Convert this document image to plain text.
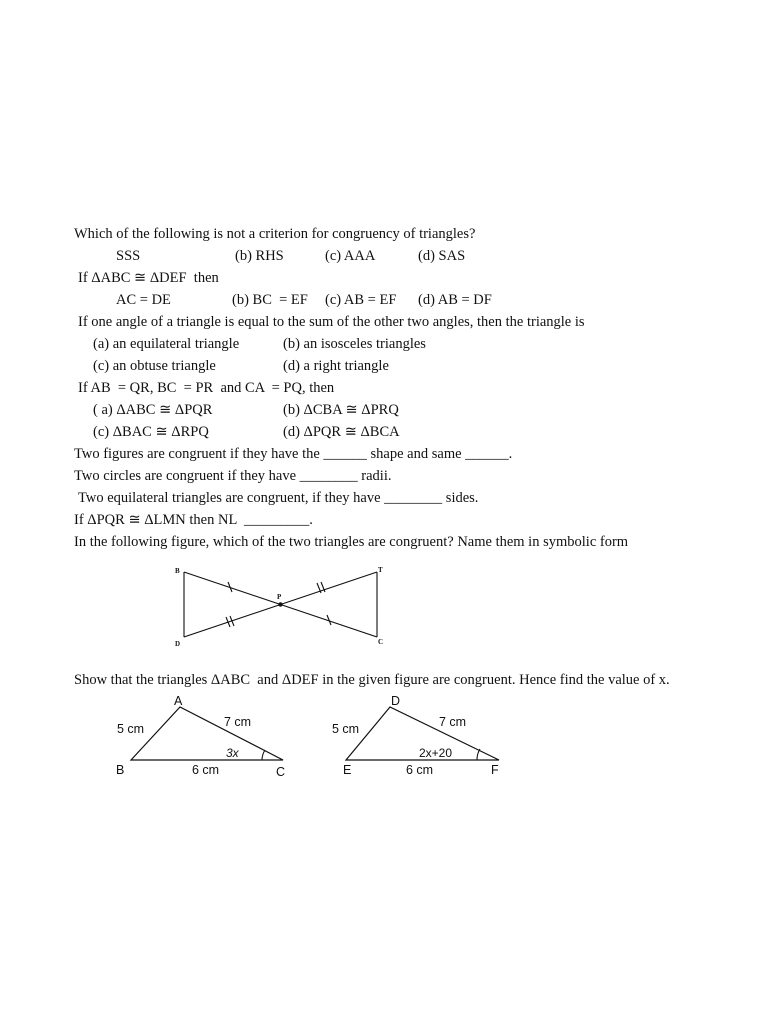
Which of the following is not a criterion for congruency of triangles?
SSS	(b) RHS	(c) AAA	(d) SAS
If ΔABC ≅ ΔDEF  then
AC = DE	(b) BC  = EF (c) AB = EF (d) AB = DF
If one angle of a triangle is equal to the sum of the other two angles, then the triangle is
(a) an equilateral triangle	(b) an isosceles triangles
(c) an obtuse triangle	(d) a right triangle
If AB  = QR, BC  = PR  and CA  = PQ, then
( a) ΔABC ≅ ΔPQR	(b) ΔCBA ≅ ΔPRQ
(c) ΔBAC ≅ ΔRPQ	(d) ΔPQR ≅ ΔBCA
Two figures are congruent if they have the ______ shape and same ______.
Two circles are congruent if they have ________ radii.
Two equilateral triangles are congruent, if they have ________ sides.
If ΔPQR ≅ ΔLMN then NL  _________.
In the following figure, which of the two triangles are congruent? Name them in symbolic form
B	T
P
D	C
Show that the triangles ΔABC  and ΔDEF in the given figure are congruent. Hence find the value of x.
A
B	C
5 cm	7 cm
6 cm
3x
D
E	F
5 cm	7 cm
6 cm
2x+20
